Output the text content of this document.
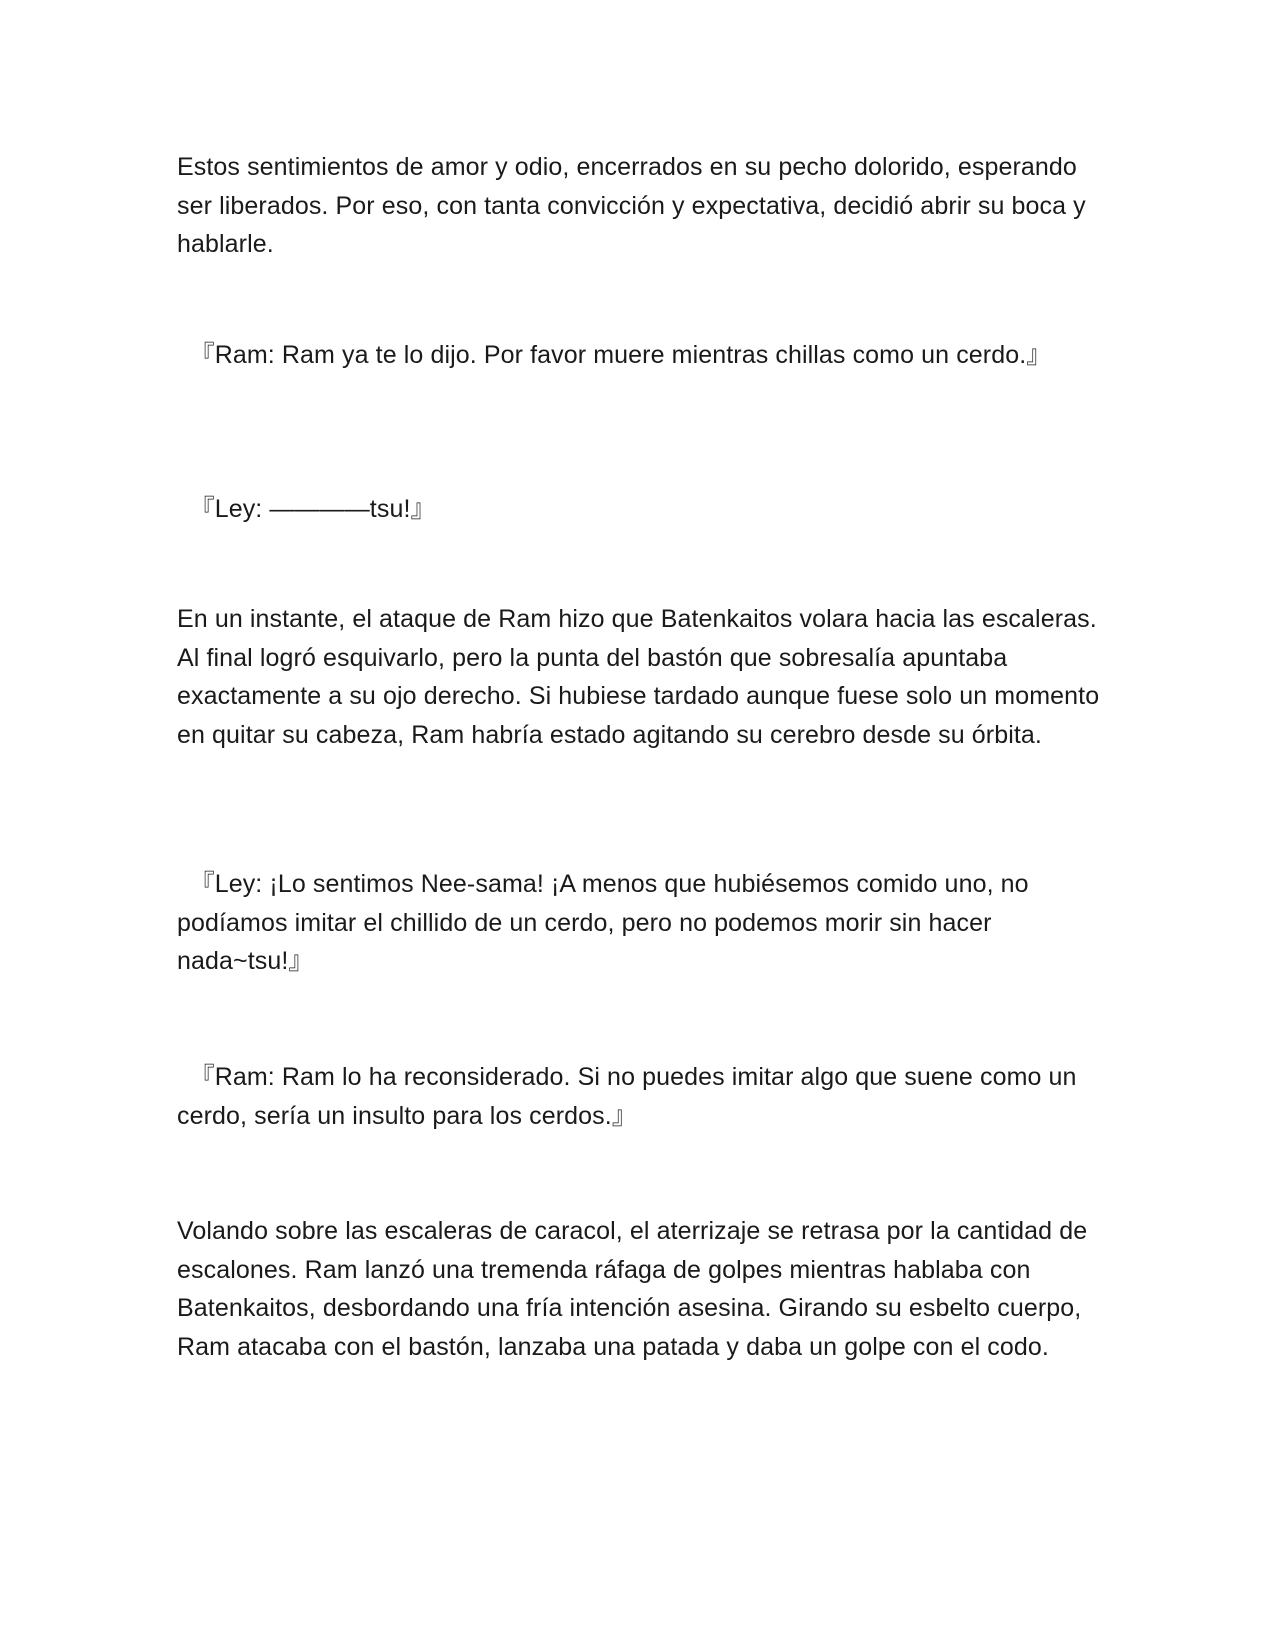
Estos sentimientos de amor y odio, encerrados en su pecho dolorido, esperando ser liberados. Por eso, con tanta convicción y expectativa, decidió abrir su boca y hablarle.

　『Ram: Ram ya te lo dijo. Por favor muere mientras chillas como un cerdo.』

　『Ley: ————tsu!』

En un instante, el ataque de Ram hizo que Batenkaitos volara hacia las escaleras. Al final logró esquivarlo, pero la punta del bastón que sobresalía apuntaba exactamente a su ojo derecho. Si hubiese tardado aunque fuese solo un momento en quitar su cabeza, Ram habría estado agitando su cerebro desde su órbita.

　『Ley: ¡Lo sentimos Nee-sama! ¡A menos que hubiésemos comido uno, no podíamos imitar el chillido de un cerdo, pero no podemos morir sin hacer nada~tsu!』

　『Ram: Ram lo ha reconsiderado. Si no puedes imitar algo que suene como un cerdo, sería un insulto para los cerdos.』

Volando sobre las escaleras de caracol, el aterrizaje se retrasa por la cantidad de escalones. Ram lanzó una tremenda ráfaga de golpes mientras hablaba con Batenkaitos, desbordando una fría intención asesina. Girando su esbelto cuerpo, Ram atacaba con el bastón, lanzaba una patada y daba un golpe con el codo.
